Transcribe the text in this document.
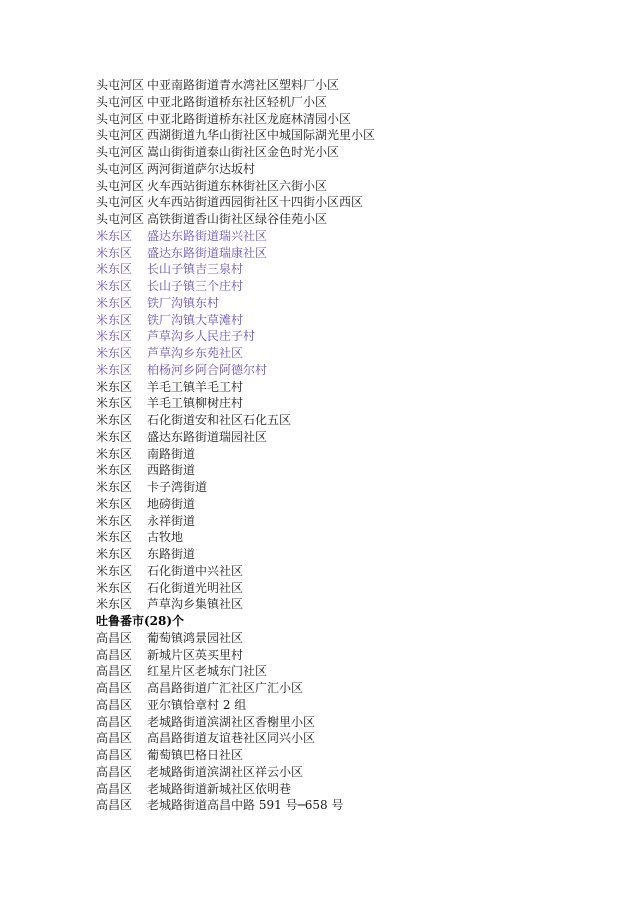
头屯河区 中亚南路街道青水湾社区塑料厂小区
头屯河区 中亚北路街道桥东社区轻机厂小区
头屯河区 中亚北路街道桥东社区龙庭林清园小区
头屯河区 西湖街道九华山街社区中城国际湖光里小区
头屯河区 嵩山街街道泰山街社区金色时光小区
头屯河区 两河街道萨尔达坂村
头屯河区 火车西站街道东林街社区六街小区
头屯河区 火车西站街道西园街社区十四街小区西区
头屯河区 高铁街道香山街社区绿谷佳苑小区
米东区 盛达东路街道瑞兴社区
米东区 盛达东路街道瑞康社区
米东区 长山子镇吉三泉村
米东区 长山子镇三个庄村
米东区 铁厂沟镇东村
米东区 铁厂沟镇大草滩村
米东区 芦草沟乡人民庄子村
米东区 芦草沟乡东苑社区
米东区 柏杨河乡阿合阿德尔村
米东区 羊毛工镇羊毛工村
米东区 羊毛工镇柳树庄村
米东区 石化街道安和社区石化五区
米东区 盛达东路街道瑞园社区
米东区 南路街道
米东区 西路街道
米东区 卡子湾街道
米东区 地磅街道
米东区 永祥街道
米东区 古牧地
米东区 东路街道
米东区 石化街道中兴社区
米东区 石化街道光明社区
米东区 芦草沟乡集镇社区
吐鲁番市(28)个
高昌区 葡萄镇鸿景园社区
高昌区 新城片区英买里村
高昌区 红星片区老城东门社区
高昌区 高昌路街道广汇社区广汇小区
高昌区 亚尔镇恰章村 2 组
高昌区 老城路街道滨湖社区香榭里小区
高昌区 高昌路街道友谊巷社区同兴小区
高昌区 葡萄镇巴格日社区
高昌区 老城路街道滨湖社区祥云小区
高昌区 老城路街道新城社区依明巷
高昌区 老城路街道高昌中路 591 号─658 号
